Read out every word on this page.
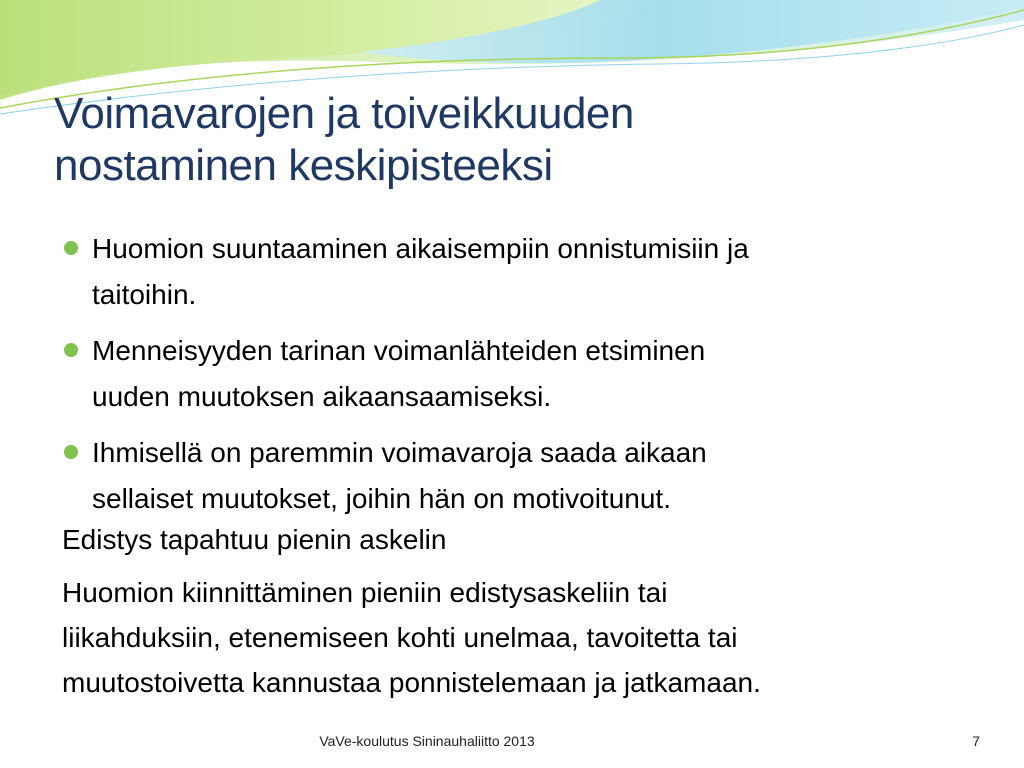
Voimavarojen ja toiveikkuuden
nostaminen keskipisteeksi
Huomion suuntaaminen aikaisempiin onnistumisiin ja
taitoihin.
Menneisyyden tarinan voimanlähteiden etsiminen
uuden muutoksen aikaansaamiseksi.
Ihmisellä on paremmin voimavaroja saada aikaan
sellaiset muutokset, joihin hän on motivoitunut.
Edistys tapahtuu pienin askelin
Huomion kiinnittäminen pieniin edistysaskeliin tai
liikahduksiin, etenemiseen kohti unelmaa, tavoitetta tai
muutostoivetta kannustaa ponnistelemaan ja jatkamaan.
VaVe-koulutus Sininauhaliitto 2013	7
